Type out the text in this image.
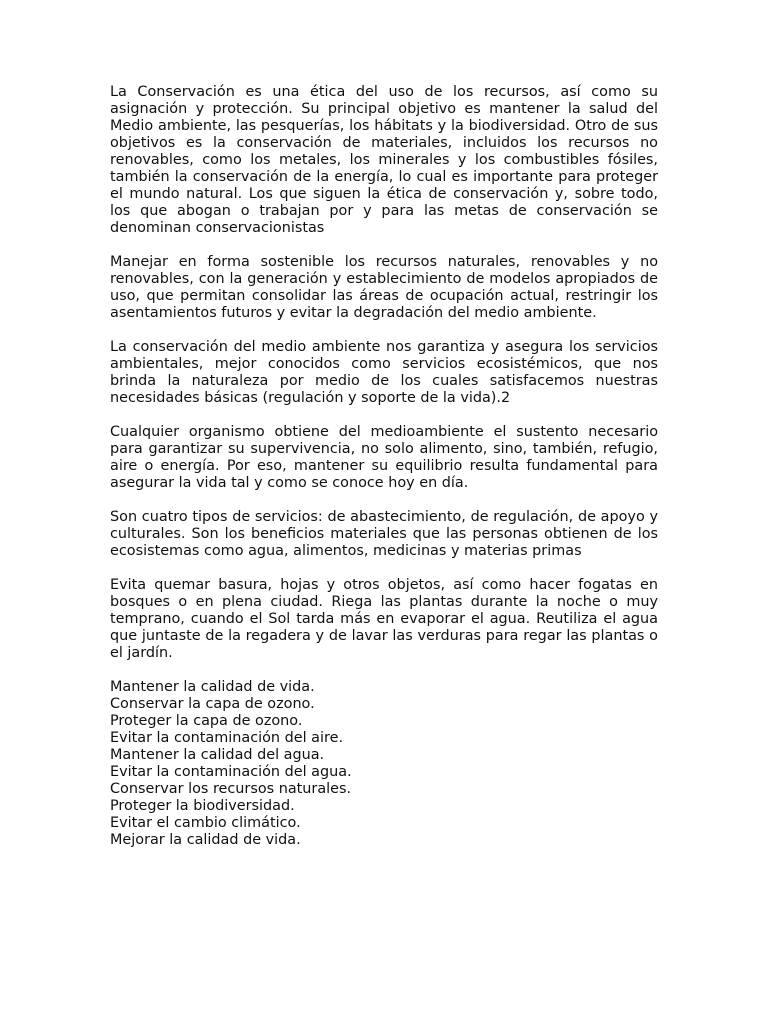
La Conservación es una ética del uso de los recursos, así como su asignación y protección. Su principal objetivo es mantener la salud del Medio ambiente, las pesquerías, los hábitats y la biodiversidad. Otro de sus objetivos es la conservación de materiales, incluidos los recursos no renovables, como los metales, los minerales y los combustibles fósiles, también la conservación de la energía, lo cual es importante para proteger el mundo natural. Los que siguen la ética de conservación y, sobre todo, los que abogan o trabajan por y para las metas de conservación se denominan conservacionistas

Manejar en forma sostenible los recursos naturales, renovables y no renovables, con la generación y establecimiento de modelos apropiados de uso, que permitan consolidar las áreas de ocupación actual, restringir los asentamientos futuros y evitar la degradación del medio ambiente.

La conservación del medio ambiente nos garantiza y asegura los servicios ambientales, mejor conocidos como servicios ecosistémicos, que nos brinda la naturaleza por medio de los cuales satisfacemos nuestras necesidades básicas (regulación y soporte de la vida).2

Cualquier organismo obtiene del medioambiente el sustento necesario para garantizar su supervivencia, no solo alimento, sino, también, refugio, aire o energía. Por eso, mantener su equilibrio resulta fundamental para asegurar la vida tal y como se conoce hoy en día.

Son cuatro tipos de servicios: de abastecimiento, de regulación, de apoyo y culturales. Son los beneficios materiales que las personas obtienen de los ecosistemas como agua, alimentos, medicinas y materias primas

Evita quemar basura, hojas y otros objetos, así como hacer fogatas en bosques o en plena ciudad. Riega las plantas durante la noche o muy temprano, cuando el Sol tarda más en evaporar el agua. Reutiliza el agua que juntaste de la regadera y de lavar las verduras para regar las plantas o el jardín.

Mantener la calidad de vida.
Conservar la capa de ozono.
Proteger la capa de ozono.
Evitar la contaminación del aire.
Mantener la calidad del agua.
Evitar la contaminación del agua.
Conservar los recursos naturales.
Proteger la biodiversidad.
Evitar el cambio climático.
Mejorar la calidad de vida.
